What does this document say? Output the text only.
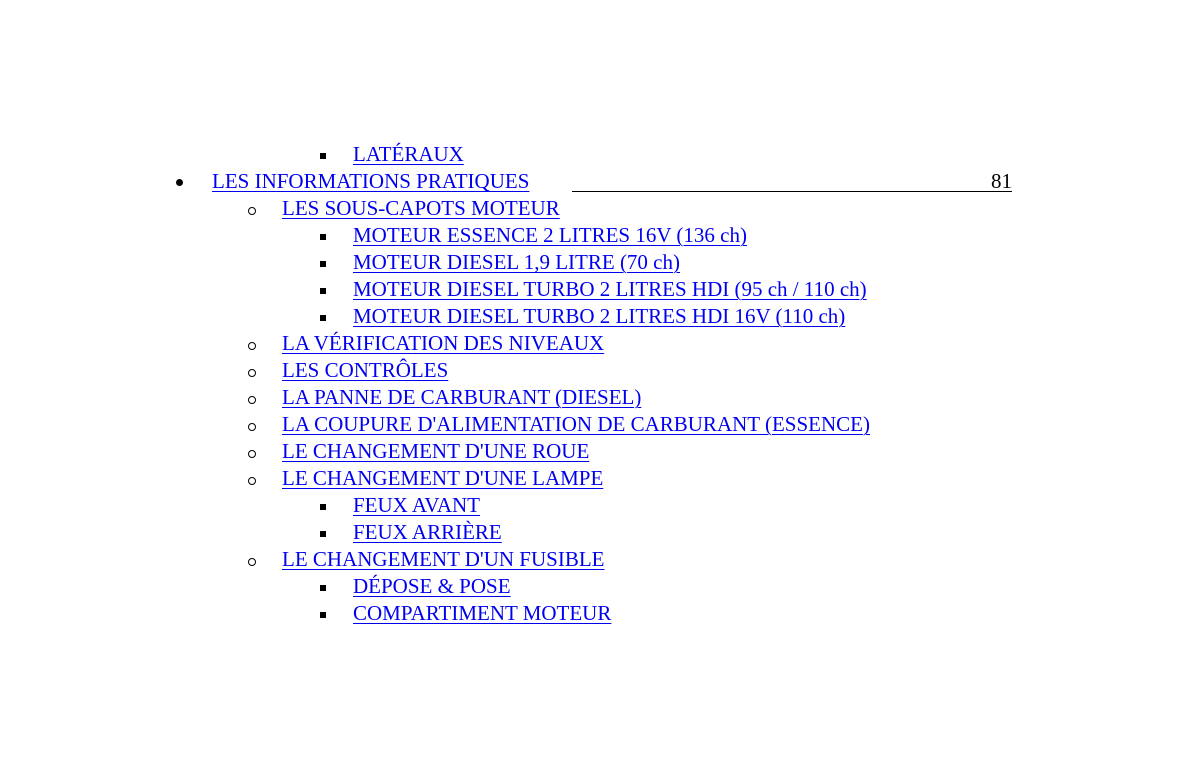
LATÉRAUX
LES INFORMATIONS PRATIQUES	81
LES SOUS-CAPOTS MOTEUR
MOTEUR ESSENCE 2 LITRES 16V (136 ch)
MOTEUR DIESEL 1,9 LITRE (70 ch)
MOTEUR DIESEL TURBO 2 LITRES HDI (95 ch / 110 ch)
MOTEUR DIESEL TURBO 2 LITRES HDI 16V (110 ch)
LA VÉRIFICATION DES NIVEAUX
LES CONTRÔLES
LA PANNE DE CARBURANT (DIESEL)
LA COUPURE D'ALIMENTATION DE CARBURANT (ESSENCE)
LE CHANGEMENT D'UNE ROUE
LE CHANGEMENT D'UNE LAMPE
FEUX AVANT
FEUX ARRIÈRE
LE CHANGEMENT D'UN FUSIBLE
DÉPOSE & POSE
COMPARTIMENT MOTEUR
